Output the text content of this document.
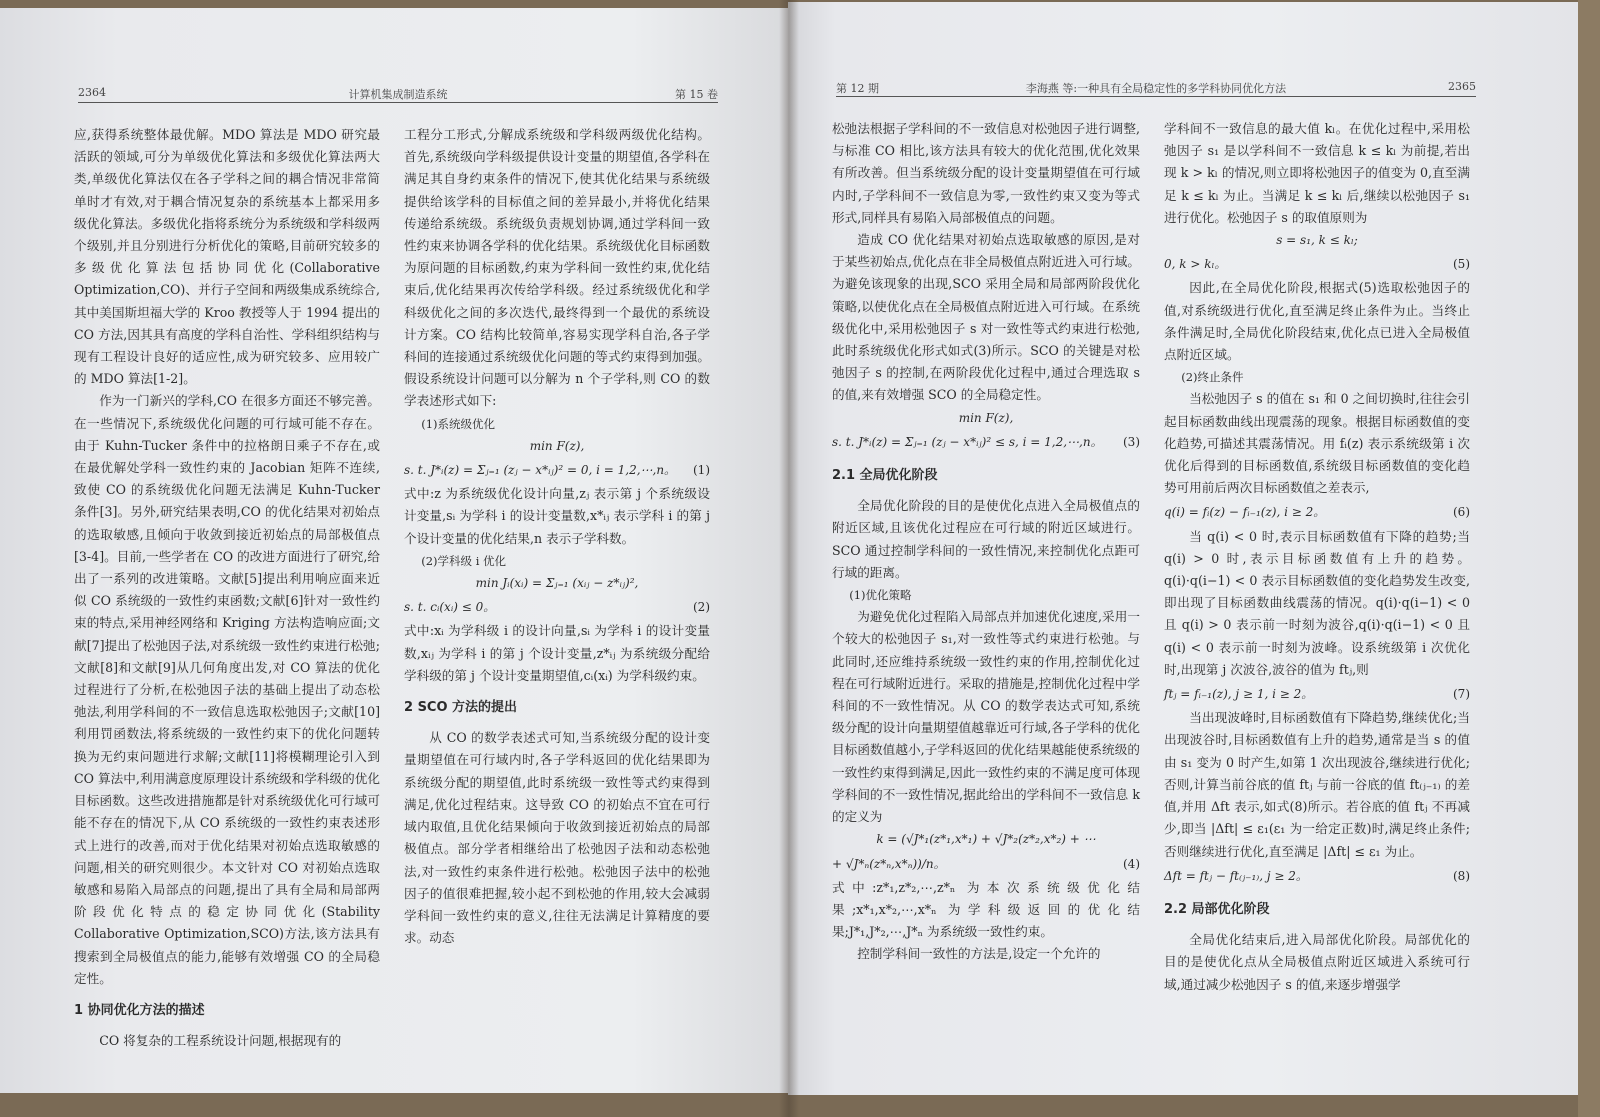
2364	计算机集成制造系统	第 15 卷

应,获得系统整体最优解。MDO 算法是 MDO 研究最活跃的领域,可分为单级优化算法和多级优化算法两大类,单级优化算法仅在各子学科之间的耦合情况非常简单时才有效,对于耦合情况复杂的系统基本上都采用多级优化算法。多级优化指将系统分为系统级和学科级两个级别,并且分别进行分析优化的策略,目前研究较多的多级优化算法包括协同优化(Collaborative Optimization,CO)、并行子空间和两级集成系统综合,其中美国斯坦福大学的 Kroo 教授等人于 1994 提出的 CO 方法,因其具有高度的学科自治性、学科组织结构与现有工程设计良好的适应性,成为研究较多、应用较广的 MDO 算法[1-2]。

作为一门新兴的学科,CO 在很多方面还不够完善。在一些情况下,系统级优化问题的可行域可能不存在。由于 Kuhn-Tucker 条件中的拉格朗日乘子不存在,或在最优解处学科一致性约束的 Jacobian 矩阵不连续,致使 CO 的系统级优化问题无法满足 Kuhn-Tucker 条件[3]。另外,研究结果表明,CO 的优化结果对初始点的选取敏感,且倾向于收敛到接近初始点的局部极值点[3-4]。目前,一些学者在 CO 的改进方面进行了研究,给出了一系列的改进策略。文献[5]提出利用响应面来近似 CO 系统级的一致性约束函数;文献[6]针对一致性约束的特点,采用神经网络和 Kriging 方法构造响应面;文献[7]提出了松弛因子法,对系统级一致性约束进行松弛;文献[8]和文献[9]从几何角度出发,对 CO 算法的优化过程进行了分析,在松弛因子法的基础上提出了动态松弛法,利用学科间的不一致信息选取松弛因子;文献[10]利用罚函数法,将系统级的一致性约束下的优化问题转换为无约束问题进行求解;文献[11]将模糊理论引入到 CO 算法中,利用满意度原理设计系统级和学科级的优化目标函数。这些改进措施都是针对系统级优化可行域可能不存在的情况下,从 CO 系统级的一致性约束表述形式上进行的改善,而对于优化结果对初始点选取敏感的问题,相关的研究则很少。本文针对 CO 对初始点选取敏感和易陷入局部点的问题,提出了具有全局和局部两阶段优化特点的稳定协同优化(Stability Collaborative Optimization,SCO)方法,该方法具有搜索到全局极值点的能力,能够有效增强 CO 的全局稳定性。

1 协同优化方法的描述

CO 将复杂的工程系统设计问题,根据现有的

工程分工形式,分解成系统级和学科级两级优化结构。首先,系统级向学科级提供设计变量的期望值,各学科在满足其自身约束条件的情况下,使其优化结果与系统级提供给该学科的目标值之间的差异最小,并将优化结果传递给系统级。系统级负责规划协调,通过学科间一致性约束来协调各学科的优化结果。系统级优化目标函数为原问题的目标函数,约束为学科间一致性约束,优化结束后,优化结果再次传给学科级。经过系统级优化和学科级优化之间的多次迭代,最终得到一个最优的系统设计方案。CO 结构比较简单,容易实现学科自治,各子学科间的连接通过系统级优化问题的等式约束得到加强。假设系统设计问题可以分解为 n 个子学科,则 CO 的数学表述形式如下:

(1)系统级优化
min F(z),
s. t. J*ᵢ(z) = Σⱼ₌₁ (zⱼ − x*ᵢⱼ)² = 0, i = 1,2,⋯,n。 (1)

式中:z 为系统级优化设计向量,zⱼ 表示第 j 个系统级设计变量,sᵢ 为学科 i 的设计变量数,x*ᵢⱼ 表示学科 i 的第 j 个设计变量的优化结果,n 表示子学科数。

(2)学科级 i 优化
min Jᵢ(xᵢ) = Σⱼ₌₁ (xᵢⱼ − z*ᵢⱼ)²,
s. t. cᵢ(xᵢ) ≤ 0。	(2)

式中:xᵢ 为学科级 i 的设计向量,sᵢ 为学科 i 的设计变量数,xᵢⱼ 为学科 i 的第 j 个设计变量,z*ᵢⱼ 为系统级分配给学科级的第 j 个设计变量期望值,cᵢ(xᵢ) 为学科级约束。

2 SCO 方法的提出

从 CO 的数学表述式可知,当系统级分配的设计变量期望值在可行域内时,各子学科返回的优化结果即为系统级分配的期望值,此时系统级一致性等式约束得到满足,优化过程结束。这导致 CO 的初始点不宜在可行域内取值,且优化结果倾向于收敛到接近初始点的局部极值点。部分学者相继给出了松弛因子法和动态松弛法,对一致性约束条件进行松弛。松弛因子法中的松弛因子的值很难把握,较小起不到松弛的作用,较大会减弱学科间一致性约束的意义,往往无法满足计算精度的要求。动态

第 12 期	李海燕 等:一种具有全局稳定性的多学科协同优化方法	2365

松弛法根据子学科间的不一致信息对松弛因子进行调整,与标准 CO 相比,该方法具有较大的优化范围,优化效果有所改善。但当系统级分配的设计变量期望值在可行域内时,子学科间不一致信息为零,一致性约束又变为等式形式,同样具有易陷入局部极值点的问题。

造成 CO 优化结果对初始点选取敏感的原因,是对于某些初始点,优化点在非全局极值点附近进入可行域。为避免该现象的出现,SCO 采用全局和局部两阶段优化策略,以使优化点在全局极值点附近进入可行域。在系统级优化中,采用松弛因子 s 对一致性等式约束进行松弛,此时系统级优化形式如式(3)所示。SCO 的关键是对松弛因子 s 的控制,在两阶段优化过程中,通过合理选取 s 的值,来有效增强 SCO 的全局稳定性。

min F(z),
s. t. J*ᵢ(z) = Σⱼ₌₁ (zⱼ − x*ᵢⱼ)² ≤ s, i = 1,2,⋯,n。 (3)
2.1 全局优化阶段

全局优化阶段的目的是使优化点进入全局极值点的附近区域,且该优化过程应在可行域的附近区域进行。SCO 通过控制学科间的一致性情况,来控制优化点距可行域的距离。

(1)优化策略

为避免优化过程陷入局部点并加速优化速度,采用一个较大的松弛因子 s₁,对一致性等式约束进行松弛。与此同时,还应维持系统级一致性约束的作用,控制优化过程在可行域附近进行。采取的措施是,控制优化过程中学科间的不一致性情况。从 CO 的数学表达式可知,系统级分配的设计向量期望值越靠近可行域,各子学科的优化目标函数值越小,子学科返回的优化结果越能使系统级的一致性约束得到满足,因此一致性约束的不满足度可体现学科间的不一致性情况,据此给出的学科间不一致信息 k 的定义为

k = (√J*₁(z*₁,x*₁) + √J*₂(z*₂,x*₂) + ⋯
+ √J*ₙ(z*ₙ,x*ₙ))/n。	(4)

式中:z*₁,z*₂,⋯,z*ₙ 为本次系统级优化结果;x*₁,x*₂,⋯,x*ₙ 为学科级返回的优化结果;J*₁,J*₂,⋯,J*ₙ 为系统级一致性约束。

控制学科间一致性的方法是,设定一个允许的

学科间不一致信息的最大值 kₗ。在优化过程中,采用松弛因子 s₁ 是以学科间不一致信息 k ≤ kₗ 为前提,若出现 k > kₗ 的情况,则立即将松弛因子的值变为 0,直至满足 k ≤ kₗ 为止。当满足 k ≤ kₗ 后,继续以松弛因子 s₁ 进行优化。松弛因子 s 的取值原则为

s = s₁, k ≤ kₗ;
0, k > kₗ。	(5)

因此,在全局优化阶段,根据式(5)选取松弛因子的值,对系统级进行优化,直至满足终止条件为止。当终止条件满足时,全局优化阶段结束,优化点已进入全局极值点附近区域。

(2)终止条件

当松弛因子 s 的值在 s₁ 和 0 之间切换时,往往会引起目标函数曲线出现震荡的现象。根据目标函数值的变化趋势,可描述其震荡情况。用 fᵢ(z) 表示系统级第 i 次优化后得到的目标函数值,系统级目标函数值的变化趋势可用前后两次目标函数值之差表示,

q(i) = fᵢ(z) − fᵢ₋₁(z), i ≥ 2。	(6)

当 q(i) < 0 时,表示目标函数值有下降的趋势;当 q(i) > 0 时,表示目标函数值有上升的趋势。q(i)·q(i−1) < 0 表示目标函数值的变化趋势发生改变,即出现了目标函数曲线震荡的情况。q(i)·q(i−1) < 0 且 q(i) > 0 表示前一时刻为波谷,q(i)·q(i−1) < 0 且 q(i) < 0 表示前一时刻为波峰。设系统级第 i 次优化时,出现第 j 次波谷,波谷的值为 ftⱼ,则

ftⱼ = fᵢ₋₁(z), j ≥ 1, i ≥ 2。	(7)

当出现波峰时,目标函数值有下降趋势,继续优化;当出现波谷时,目标函数值有上升的趋势,通常是当 s 的值由 s₁ 变为 0 时产生,如第 1 次出现波谷,继续进行优化;否则,计算当前谷底的值 ftⱼ 与前一谷底的值 ft₍ⱼ₋₁₎ 的差值,并用 Δft 表示,如式(8)所示。若谷底的值 ftⱼ 不再减少,即当 |Δft| ≤ ε₁(ε₁ 为一给定正数)时,满足终止条件;否则继续进行优化,直至满足 |Δft| ≤ ε₁ 为止。

Δft = ftⱼ − ft₍ⱼ₋₁₎, j ≥ 2。	(8)
2.2 局部优化阶段

全局优化结束后,进入局部优化阶段。局部优化的目的是使优化点从全局极值点附近区域进入系统可行域,通过减少松弛因子 s 的值,来逐步增强学
